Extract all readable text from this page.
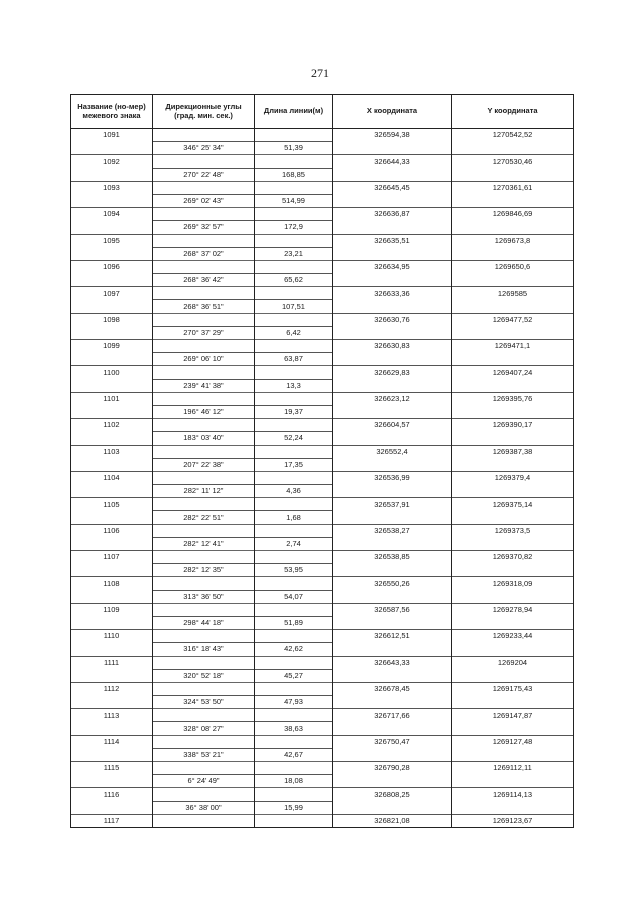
271
Название (но-мер) межевого знака	Дирекционные углы (град. мин. сек.)	Длина линии(м)	X координата	Y координата
1091			326594,38	1270542,52
	346° 25' 34"	51,39		
1092			326644,33	1270530,46
	270° 22' 48"	168,85		
1093			326645,45	1270361,61
	269° 02' 43"	514,99		
1094			326636,87	1269846,69
	269° 32' 57"	172,9		
1095			326635,51	1269673,8
	268° 37' 02"	23,21		
1096			326634,95	1269650,6
	268° 36' 42"	65,62		
1097			326633,36	1269585
	268° 36' 51"	107,51		
1098			326630,76	1269477,52
	270° 37' 29"	6,42		
1099			326630,83	1269471,1
	269° 06' 10"	63,87		
1100			326629,83	1269407,24
	239° 41' 38"	13,3		
1101			326623,12	1269395,76
	196° 46' 12"	19,37		
1102			326604,57	1269390,17
	183° 03' 40"	52,24		
1103			326552,4	1269387,38
	207° 22' 38"	17,35		
1104			326536,99	1269379,4
	282° 11' 12"	4,36		
1105			326537,91	1269375,14
	282° 22' 51"	1,68		
1106			326538,27	1269373,5
	282° 12' 41"	2,74		
1107			326538,85	1269370,82
	282° 12' 35"	53,95		
1108			326550,26	1269318,09
	313° 36' 50"	54,07		
1109			326587,56	1269278,94
	298° 44' 18"	51,89		
1110			326612,51	1269233,44
	316° 18' 43"	42,62		
1111			326643,33	1269204
	320° 52' 18"	45,27		
1112			326678,45	1269175,43
	324° 53' 50"	47,93		
1113			326717,66	1269147,87
	328° 08' 27"	38,63		
1114			326750,47	1269127,48
	338° 53' 21"	42,67		
1115			326790,28	1269112,11
	6° 24' 49"	18,08		
1116			326808,25	1269114,13
	36° 38' 00"	15,99		
1117			326821,08	1269123,67
